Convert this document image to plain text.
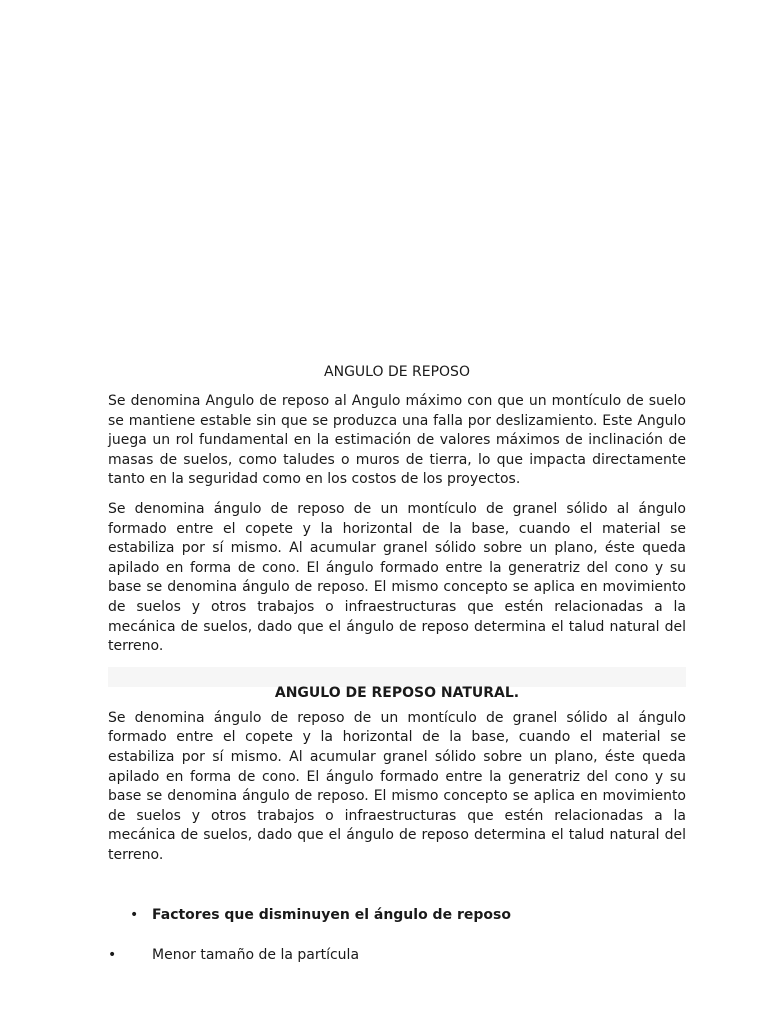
ANGULO DE REPOSO

Se denomina Angulo de reposo al Angulo máximo con que un montículo de suelo se mantiene estable sin que se produzca una falla por deslizamiento. Este Angulo juega un rol fundamental en la estimación de valores máximos de inclinación de masas de suelos, como taludes o muros de tierra, lo que impacta directamente tanto en la seguridad como en los costos de los proyectos.

Se denomina ángulo de reposo de un montículo de granel sólido al ángulo formado entre el copete y la horizontal de la base, cuando el material se estabiliza por sí mismo. Al acumular granel sólido sobre un plano, éste queda apilado en forma de cono. El ángulo formado entre la generatriz del cono y su base se denomina ángulo de reposo. El mismo concepto se aplica en movimiento de suelos y otros trabajos o infraestructuras que estén relacionadas a la mecánica de suelos, dado que el ángulo de reposo determina el talud natural del terreno.

ANGULO DE REPOSO NATURAL.

Se denomina ángulo de reposo de un montículo de granel sólido al ángulo formado entre el copete y la horizontal de la base, cuando el material se estabiliza por sí mismo. Al acumular granel sólido sobre un plano, éste queda apilado en forma de cono. El ángulo formado entre la generatriz del cono y su base se denomina ángulo de reposo. El mismo concepto se aplica en movimiento de suelos y otros trabajos o infraestructuras que estén relacionadas a la mecánica de suelos, dado que el ángulo de reposo determina el talud natural del terreno.

• Factores que disminuyen el ángulo de reposo
•	Menor tamaño de la partícula
